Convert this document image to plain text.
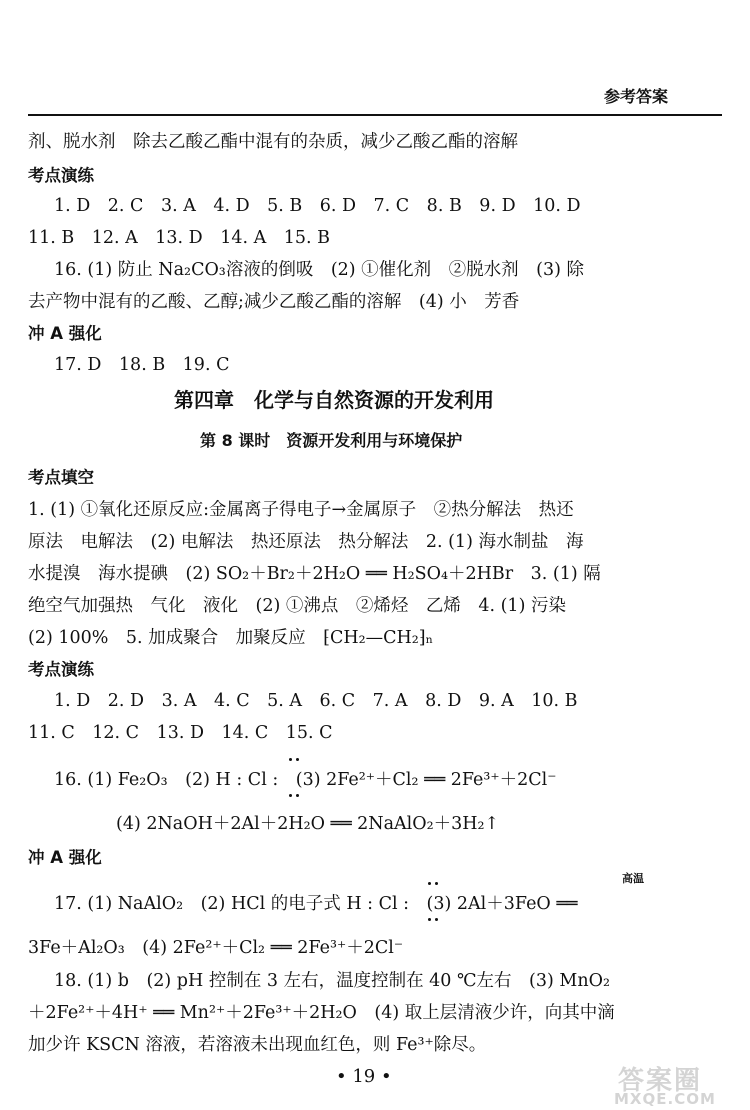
参考答案
剂、脱水剂　除去乙酸乙酯中混有的杂质，减少乙酸乙酯的溶解
考点演练
1. D　2. C　3. A　4. D　5. B　6. D　7. C　8. B　9. D　10. D
11. B　12. A　13. D　14. A　15. B
16. (1) 防止 Na₂CO₃溶液的倒吸　(2) ①催化剂　②脱水剂　(3) 除
去产物中混有的乙酸、乙醇;减少乙酸乙酯的溶解　(4) 小　芳香
冲 A 强化
17. D　18. B　19. C
第四章　化学与自然资源的开发利用
第 8 课时　资源开发利用与环境保护
考点填空
1. (1) ①氧化还原反应:金属离子得电子→金属原子　②热分解法　热还
原法　电解法　(2) 电解法　热还原法　热分解法　2. (1) 海水制盐　海
水提溴　海水提碘　(2) SO₂＋Br₂＋2H₂O ══ H₂SO₄＋2HBr　3. (1) 隔
绝空气加强热　气化　液化　(2) ①沸点　②烯烃　乙烯　4. (1) 污染
(2) 100%　5. 加成聚合　加聚反应　⁅CH₂—CH₂⁆ₙ
考点演练
1. D　2. D　3. A　4. C　5. A　6. C　7. A　8. D　9. A　10. B
11. C　12. C　13. D　14. C　15. C
16. (1) Fe₂O₃　(2) H : Cl :　(3) 2Fe²⁺＋Cl₂ ══ 2Fe³⁺＋2Cl⁻
(4) 2NaOH＋2Al＋2H₂O ══ 2NaAlO₂＋3H₂↑
冲 A 强化
17. (1) NaAlO₂　(2) HCl 的电子式 H : Cl :　(3) 2Al＋3FeO ══
高温
3Fe＋Al₂O₃　(4) 2Fe²⁺＋Cl₂ ══ 2Fe³⁺＋2Cl⁻
18. (1) b　(2) pH 控制在 3 左右，温度控制在 40 ℃左右　(3) MnO₂
＋2Fe²⁺＋4H⁺ ══ Mn²⁺＋2Fe³⁺＋2H₂O　(4) 取上层清液少许，向其中滴
加少许 KSCN 溶液，若溶液未出现血红色，则 Fe³⁺除尽。
• 19 •	答案圈
MXQE.COM
